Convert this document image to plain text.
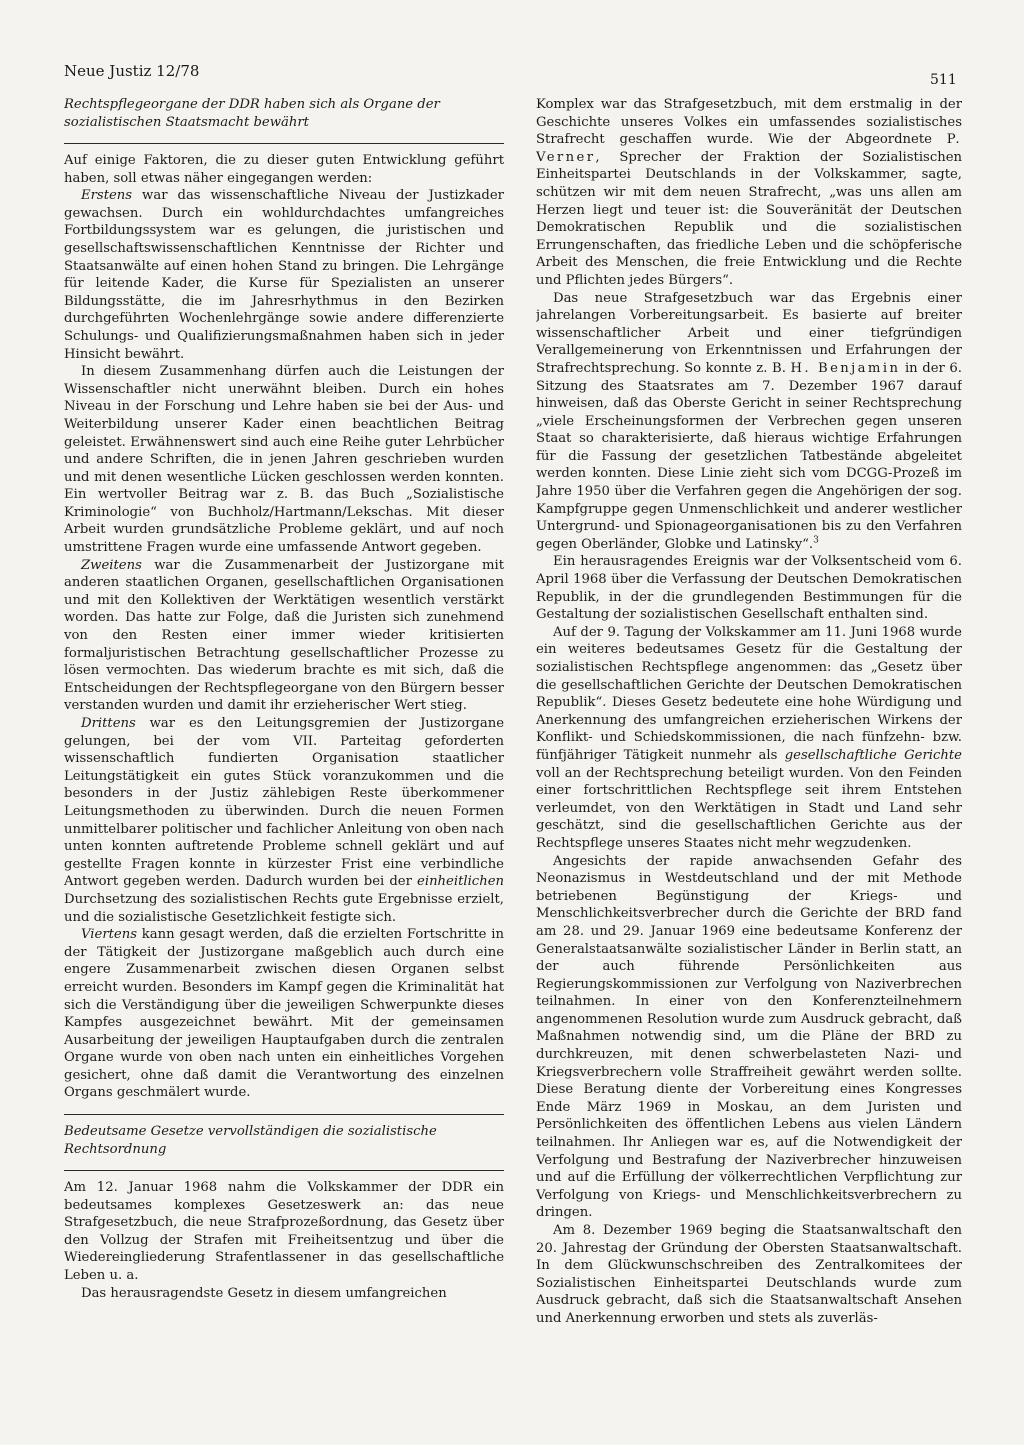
Neue Justiz 12/78	511
Rechtspflegeorgane der DDR haben sich als Organe der sozialistischen Staatsmacht bewährt

Auf einige Faktoren, die zu dieser guten Entwicklung geführt haben, soll etwas näher eingegangen werden:

Erstens war das wissenschaftliche Niveau der Justizkader gewachsen. Durch ein wohldurchdachtes umfangreiches Fortbildungssystem war es gelungen, die juristischen und gesellschaftswissenschaftlichen Kenntnisse der Richter und Staatsanwälte auf einen hohen Stand zu bringen. Die Lehrgänge für leitende Kader, die Kurse für Spezialisten an unserer Bildungsstätte, die im Jahresrhythmus in den Bezirken durchgeführten Wochenlehrgänge sowie andere differenzierte Schulungs- und Qualifizierungsmaßnahmen haben sich in jeder Hinsicht bewährt.

In diesem Zusammenhang dürfen auch die Leistungen der Wissenschaftler nicht unerwähnt bleiben. Durch ein hohes Niveau in der Forschung und Lehre haben sie bei der Aus- und Weiterbildung unserer Kader einen beachtlichen Beitrag geleistet. Erwähnenswert sind auch eine Reihe guter Lehrbücher und andere Schriften, die in jenen Jahren geschrieben wurden und mit denen wesentliche Lücken geschlossen werden konnten. Ein wertvoller Beitrag war z. B. das Buch „Sozialistische Kriminologie“ von Buchholz/Hartmann/Lekschas. Mit dieser Arbeit wurden grundsätzliche Probleme geklärt, und auf noch umstrittene Fragen wurde eine umfassende Antwort gegeben.

Zweitens war die Zusammenarbeit der Justizorgane mit anderen staatlichen Organen, gesellschaftlichen Organisationen und mit den Kollektiven der Werktätigen wesentlich verstärkt worden. Das hatte zur Folge, daß die Juristen sich zunehmend von den Resten einer immer wieder kritisierten formaljuristischen Betrachtung gesellschaftlicher Prozesse zu lösen vermochten. Das wiederum brachte es mit sich, daß die Entscheidungen der Rechtspflegeorgane von den Bürgern besser verstanden wurden und damit ihr erzieherischer Wert stieg.

Drittens war es den Leitungsgremien der Justizorgane gelungen, bei der vom VII. Parteitag geforderten wissenschaftlich fundierten Organisation staatlicher Leitungstätigkeit ein gutes Stück voranzukommen und die besonders in der Justiz zählebigen Reste überkommener Leitungsmethoden zu überwinden. Durch die neuen Formen unmittelbarer politischer und fachlicher Anleitung von oben nach unten konnten auftretende Probleme schnell geklärt und auf gestellte Fragen konnte in kürzester Frist eine verbindliche Antwort gegeben werden. Dadurch wurden bei der einheitlichen Durchsetzung des sozialistischen Rechts gute Ergebnisse erzielt, und die sozialistische Gesetzlichkeit festigte sich.

Viertens kann gesagt werden, daß die erzielten Fortschritte in der Tätigkeit der Justizorgane maßgeblich auch durch eine engere Zusammenarbeit zwischen diesen Organen selbst erreicht wurden. Besonders im Kampf gegen die Kriminalität hat sich die Verständigung über die jeweiligen Schwerpunkte dieses Kampfes ausgezeichnet bewährt. Mit der gemeinsamen Ausarbeitung der jeweiligen Hauptaufgaben durch die zentralen Organe wurde von oben nach unten ein einheitliches Vorgehen gesichert, ohne daß damit die Verantwortung des einzelnen Organs geschmälert wurde.

Bedeutsame Gesetze vervollständigen die sozialistische Rechtsordnung

Am 12. Januar 1968 nahm die Volkskammer der DDR ein bedeutsames komplexes Gesetzeswerk an: das neue Strafgesetzbuch, die neue Strafprozeßordnung, das Gesetz über den Vollzug der Strafen mit Freiheitsentzug und über die Wiedereingliederung Strafentlassener in das gesellschaftliche Leben u. a.

Das herausragendste Gesetz in diesem umfangreichen

Komplex war das Strafgesetzbuch, mit dem erstmalig in der Geschichte unseres Volkes ein umfassendes sozialistisches Strafrecht geschaffen wurde. Wie der Abgeordnete P. Verner, Sprecher der Fraktion der Sozialistischen Einheitspartei Deutschlands in der Volkskammer, sagte, schützen wir mit dem neuen Strafrecht, „was uns allen am Herzen liegt und teuer ist: die Souveränität der Deutschen Demokratischen Republik und die sozialistischen Errungenschaften, das friedliche Leben und die schöpferische Arbeit des Menschen, die freie Entwicklung und die Rechte und Pflichten jedes Bürgers“.

Das neue Strafgesetzbuch war das Ergebnis einer jahrelangen Vorbereitungsarbeit. Es basierte auf breiter wissenschaftlicher Arbeit und einer tiefgründigen Verallgemeinerung von Erkenntnissen und Erfahrungen der Strafrechtsprechung. So konnte z. B. H. Benjamin in der 6. Sitzung des Staatsrates am 7. Dezember 1967 darauf hinweisen, daß das Oberste Gericht in seiner Rechtsprechung „viele Erscheinungsformen der Verbrechen gegen unseren Staat so charakterisierte, daß hieraus wichtige Erfahrungen für die Fassung der gesetzlichen Tatbestände abgeleitet werden konnten. Diese Linie zieht sich vom DCGG-Prozeß im Jahre 1950 über die Verfahren gegen die Angehörigen der sog. Kampfgruppe gegen Unmenschlichkeit und anderer westlicher Untergrund- und Spionageorganisationen bis zu den Verfahren gegen Oberländer, Globke und Latinsky“.$^3$

Ein herausragendes Ereignis war der Volksentscheid vom 6. April 1968 über die Verfassung der Deutschen Demokratischen Republik, in der die grundlegenden Bestimmungen für die Gestaltung der sozialistischen Gesellschaft enthalten sind.

Auf der 9. Tagung der Volkskammer am 11. Juni 1968 wurde ein weiteres bedeutsames Gesetz für die Gestaltung der sozialistischen Rechtspflege angenommen: das „Gesetz über die gesellschaftlichen Gerichte der Deutschen Demokratischen Republik“. Dieses Gesetz bedeutete eine hohe Würdigung und Anerkennung des umfangreichen erzieherischen Wirkens der Konflikt- und Schiedskommissionen, die nach fünfzehn- bzw. fünfjähriger Tätigkeit nunmehr als gesellschaftliche Gerichte voll an der Rechtsprechung beteiligt wurden. Von den Feinden einer fortschrittlichen Rechtspflege seit ihrem Entstehen verleumdet, von den Werktätigen in Stadt und Land sehr geschätzt, sind die gesellschaftlichen Gerichte aus der Rechtspflege unseres Staates nicht mehr wegzudenken.

Angesichts der rapide anwachsenden Gefahr des Neonazismus in Westdeutschland und der mit Methode betriebenen Begünstigung der Kriegs- und Menschlichkeitsverbrecher durch die Gerichte der BRD fand am 28. und 29. Januar 1969 eine bedeutsame Konferenz der Generalstaatsanwälte sozialistischer Länder in Berlin statt, an der auch führende Persönlichkeiten aus Regierungskommissionen zur Verfolgung von Naziverbrechen teilnahmen. In einer von den Konferenzteilnehmern angenommenen Resolution wurde zum Ausdruck gebracht, daß Maßnahmen notwendig sind, um die Pläne der BRD zu durchkreuzen, mit denen schwerbelasteten Nazi- und Kriegsverbrechern volle Straffreiheit gewährt werden sollte. Diese Beratung diente der Vorbereitung eines Kongresses Ende März 1969 in Moskau, an dem Juristen und Persönlichkeiten des öffentlichen Lebens aus vielen Ländern teilnahmen. Ihr Anliegen war es, auf die Notwendigkeit der Verfolgung und Bestrafung der Naziverbrecher hinzuweisen und auf die Erfüllung der völkerrechtlichen Verpflichtung zur Verfolgung von Kriegs- und Menschlichkeitsverbrechern zu dringen.

Am 8. Dezember 1969 beging die Staatsanwaltschaft den 20. Jahrestag der Gründung der Obersten Staatsanwaltschaft. In dem Glückwunschschreiben des Zentralkomitees der Sozialistischen Einheitspartei Deutschlands wurde zum Ausdruck gebracht, daß sich die Staatsanwaltschaft Ansehen und Anerkennung erworben und stets als zuverläs-
